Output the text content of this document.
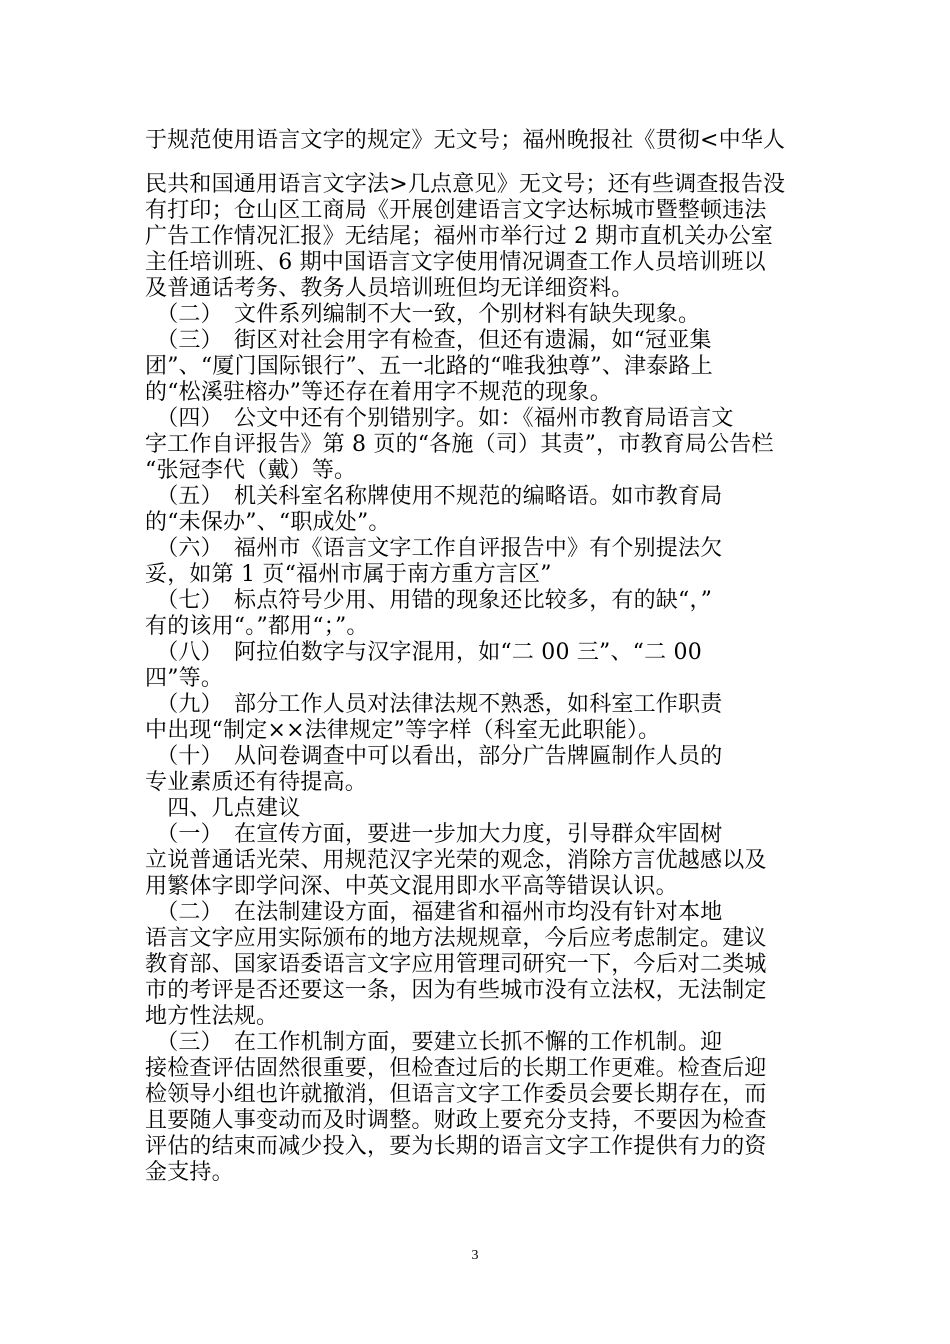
于规范使用语言文字的规定》无文号；福州晚报社《贯彻<中华人
民共和国通用语言文字法>几点意见》无文号；还有些调查报告没
有打印；仓山区工商局《开展创建语言文字达标城市暨整顿违法
广告工作情况汇报》无结尾；福州市举行过 2 期市直机关办公室
主任培训班、6 期中国语言文字使用情况调查工作人员培训班以
及普通话考务、教务人员培训班但均无详细资料。
　（二）　文件系列编制不大一致，个别材料有缺失现象。
　（三）　街区对社会用字有检查，但还有遗漏，如“冠亚集
团”、“厦门国际银行”、五一北路的“唯我独尊”、津泰路上
的“松溪驻榕办”等还存在着用字不规范的现象。
　（四）　公文中还有个别错别字。如：《福州市教育局语言文
字工作自评报告》第 8 页的“各施（司）其责”，市教育局公告栏
“张冠李代（戴）等。
　（五）　机关科室名称牌使用不规范的编略语。如市教育局
的“未保办”、“职成处”。
　（六）　福州市《语言文字工作自评报告中》有个别提法欠
妥，如第 1 页“福州市属于南方重方言区”
　（七）　标点符号少用、用错的现象还比较多，有的缺“，”
有的该用“。”都用“；”。
　（八）　阿拉伯数字与汉字混用，如“二 00 三”、“二 00
四”等。
　（九）　部分工作人员对法律法规不熟悉，如科室工作职责
中出现“制定××法律规定”等字样（科室无此职能）。
　（十）　从问卷调查中可以看出，部分广告牌匾制作人员的
专业素质还有待提高。
　四、几点建议
　（一）　在宣传方面，要进一步加大力度，引导群众牢固树
立说普通话光荣、用规范汉字光荣的观念，消除方言优越感以及
用繁体字即学问深、中英文混用即水平高等错误认识。
　（二）　在法制建设方面，福建省和福州市均没有针对本地
语言文字应用实际颁布的地方法规规章，今后应考虑制定。建议
教育部、国家语委语言文字应用管理司研究一下，今后对二类城
市的考评是否还要这一条，因为有些城市没有立法权，无法制定
地方性法规。
　（三）　在工作机制方面，要建立长抓不懈的工作机制。迎
接检查评估固然很重要，但检查过后的长期工作更难。检查后迎
检领导小组也许就撤消，但语言文字工作委员会要长期存在，而
且要随人事变动而及时调整。财政上要充分支持，不要因为检查
评估的结束而减少投入，要为长期的语言文字工作提供有力的资
金支持。
3
